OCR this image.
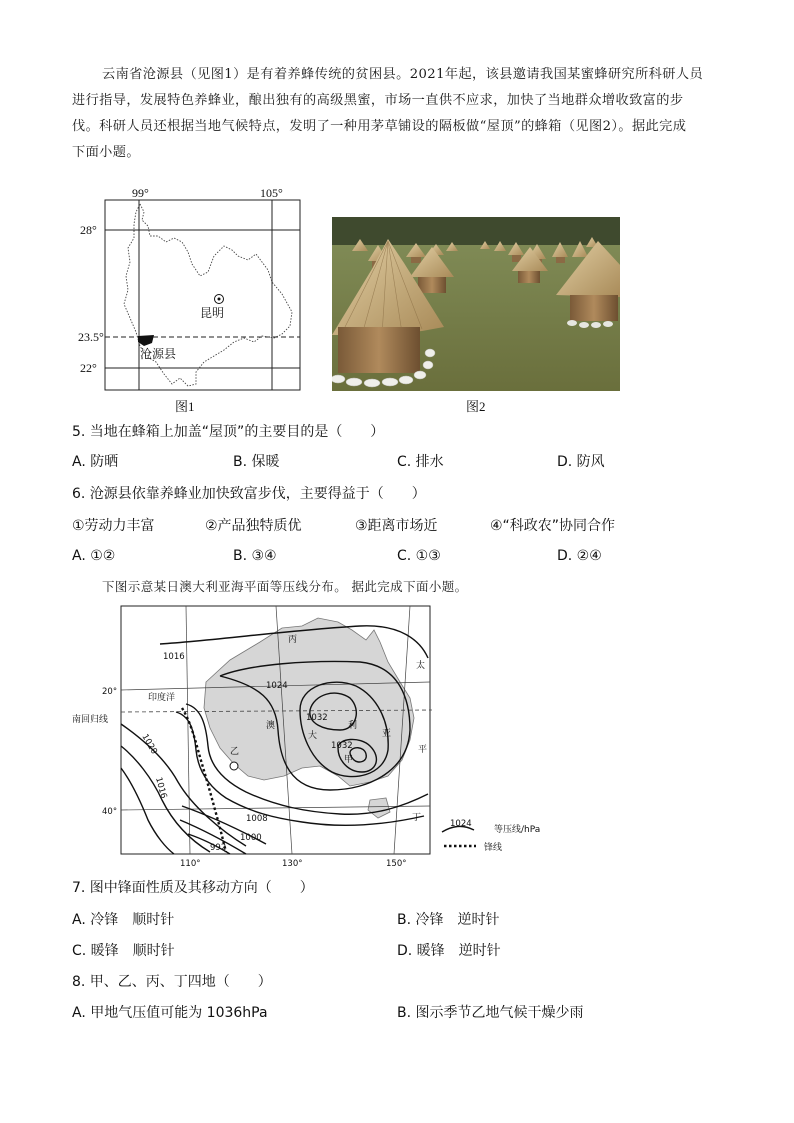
云南省沧源县（见图1）是有着养蜂传统的贫困县。2021年起，该县邀请我国某蜜蜂研究所科研人员
进行指导，发展特色养蜂业，酿出独有的高级黑蜜，市场一直供不应求，加快了当地群众增收致富的步
伐。科研人员还根据当地气候特点，发明了一种用茅草铺设的隔板做“屋顶”的蜂箱（见图2）。据此完成
下面小题。
昆明
沧源县
99°	105°
28°
23.5°
22°
图1	图2
5. 当地在蜂箱上加盖“屋顶”的主要目的是（　　）
A. 防晒	B. 保暖	C. 排水	D. 防风
6. 沧源县依靠养蜂业加快致富步伐，主要得益于（　　）
①劳动力丰富	②产品独特质优	③距离市场近	④“科政农”协同合作
A. ①②	B. ③④	C. ①③	D. ②④
下图示意某日澳大利亚海平面等压线分布。 据此完成下面小题。
1016
1024
1032
1032
1020
1016
1008
1000
992
丙
澳
大
利
亚
甲
乙
太
平
丁
印度洋
20°
40°
南回归线
110°	130°	150°
1024
等压线/hPa
锋线
7. 图中锋面性质及其移动方向（　　）
A. 冷锋　顺时针	B. 冷锋　逆时针
C. 暖锋　顺时针	D. 暖锋　逆时针
8. 甲、乙、丙、丁四地（　　）
A. 甲地气压值可能为 1036hPa	B. 图示季节乙地气候干燥少雨
